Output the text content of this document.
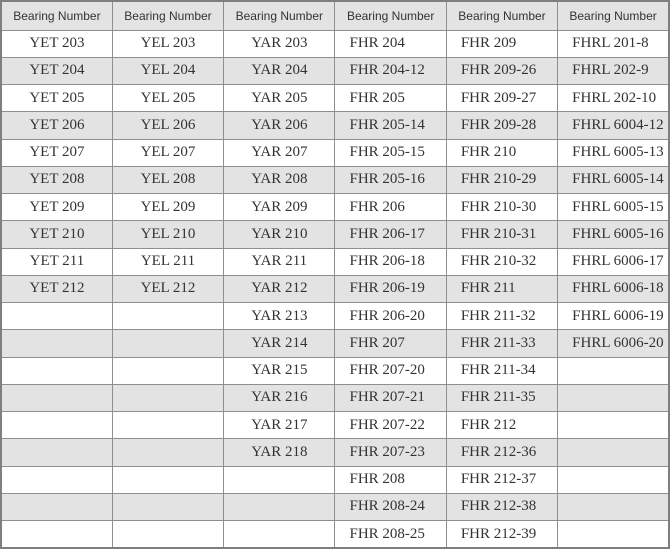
Bearing Number	Bearing Number	Bearing Number	Bearing Number	Bearing Number	Bearing Number
YET 203	YEL 203	YAR 203	FHR 204	FHR 209	FHRL 201-8
YET 204	YEL 204	YAR 204	FHR 204-12	FHR 209-26	FHRL 202-9
YET 205	YEL 205	YAR 205	FHR 205	FHR 209-27	FHRL 202-10
YET 206	YEL 206	YAR 206	FHR 205-14	FHR 209-28	FHRL 6004-12
YET 207	YEL 207	YAR 207	FHR 205-15	FHR 210	FHRL 6005-13
YET 208	YEL 208	YAR 208	FHR 205-16	FHR 210-29	FHRL 6005-14
YET 209	YEL 209	YAR 209	FHR 206	FHR 210-30	FHRL 6005-15
YET 210	YEL 210	YAR 210	FHR 206-17	FHR 210-31	FHRL 6005-16
YET 211	YEL 211	YAR 211	FHR 206-18	FHR 210-32	FHRL 6006-17
YET 212	YEL 212	YAR 212	FHR 206-19	FHR 211	FHRL 6006-18
		YAR 213	FHR 206-20	FHR 211-32	FHRL 6006-19
		YAR 214	FHR 207	FHR 211-33	FHRL 6006-20
		YAR 215	FHR 207-20	FHR 211-34	
		YAR 216	FHR 207-21	FHR 211-35	
		YAR 217	FHR 207-22	FHR 212	
		YAR 218	FHR 207-23	FHR 212-36	
			FHR 208	FHR 212-37	
			FHR 208-24	FHR 212-38	
			FHR 208-25	FHR 212-39	
